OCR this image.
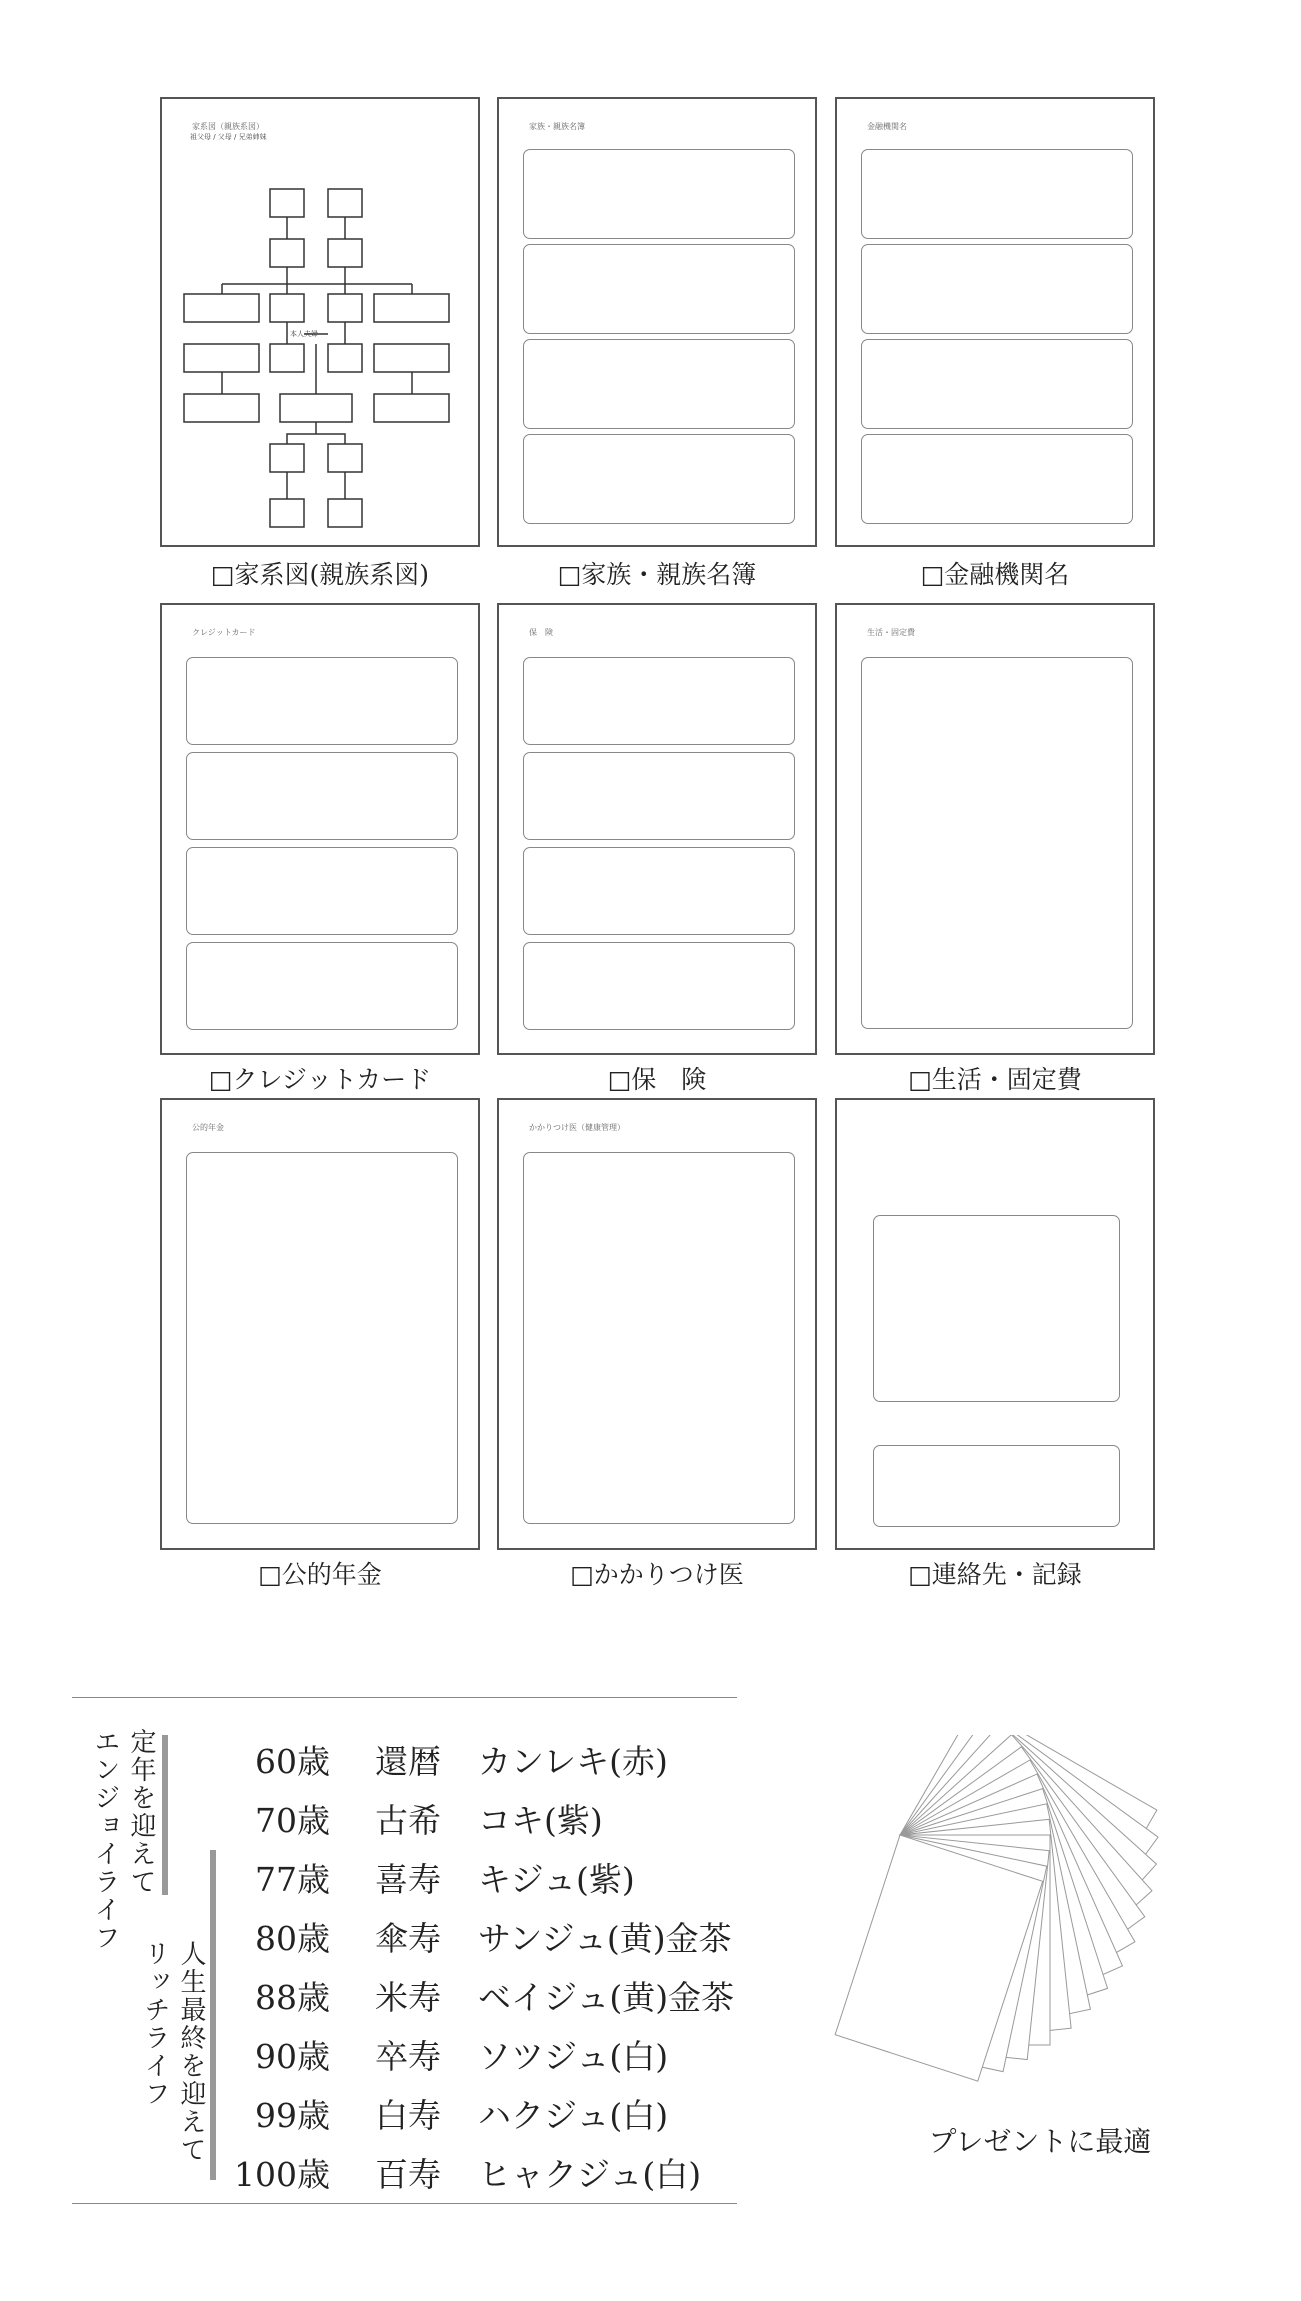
家系図（親族系図）
祖父母 / 父母 / 兄弟姉妹
本人夫婦
□家系図(親族系図)
家族・親族名簿
□家族・親族名簿
金融機関名
□金融機関名
クレジットカード
□クレジットカード
保　険
□保　険
生活・固定費
□生活・固定費
公的年金
□公的年金
かかりつけ医（健康管理）
□かかりつけ医	□連絡先・記録
定年を迎えて
エンジョイライフ
人生最終を迎えて
リッチライフ
60歳 還暦 カンレキ(赤)
70歳 古希 コキ(紫)
77歳 喜寿 キジュ(紫)
80歳 傘寿 サンジュ(黄)金茶
88歳 米寿 ベイジュ(黄)金茶
90歳 卒寿 ソツジュ(白)
99歳 白寿 ハクジュ(白)
100歳 百寿 ヒャクジュ(白)
プレゼントに最適
